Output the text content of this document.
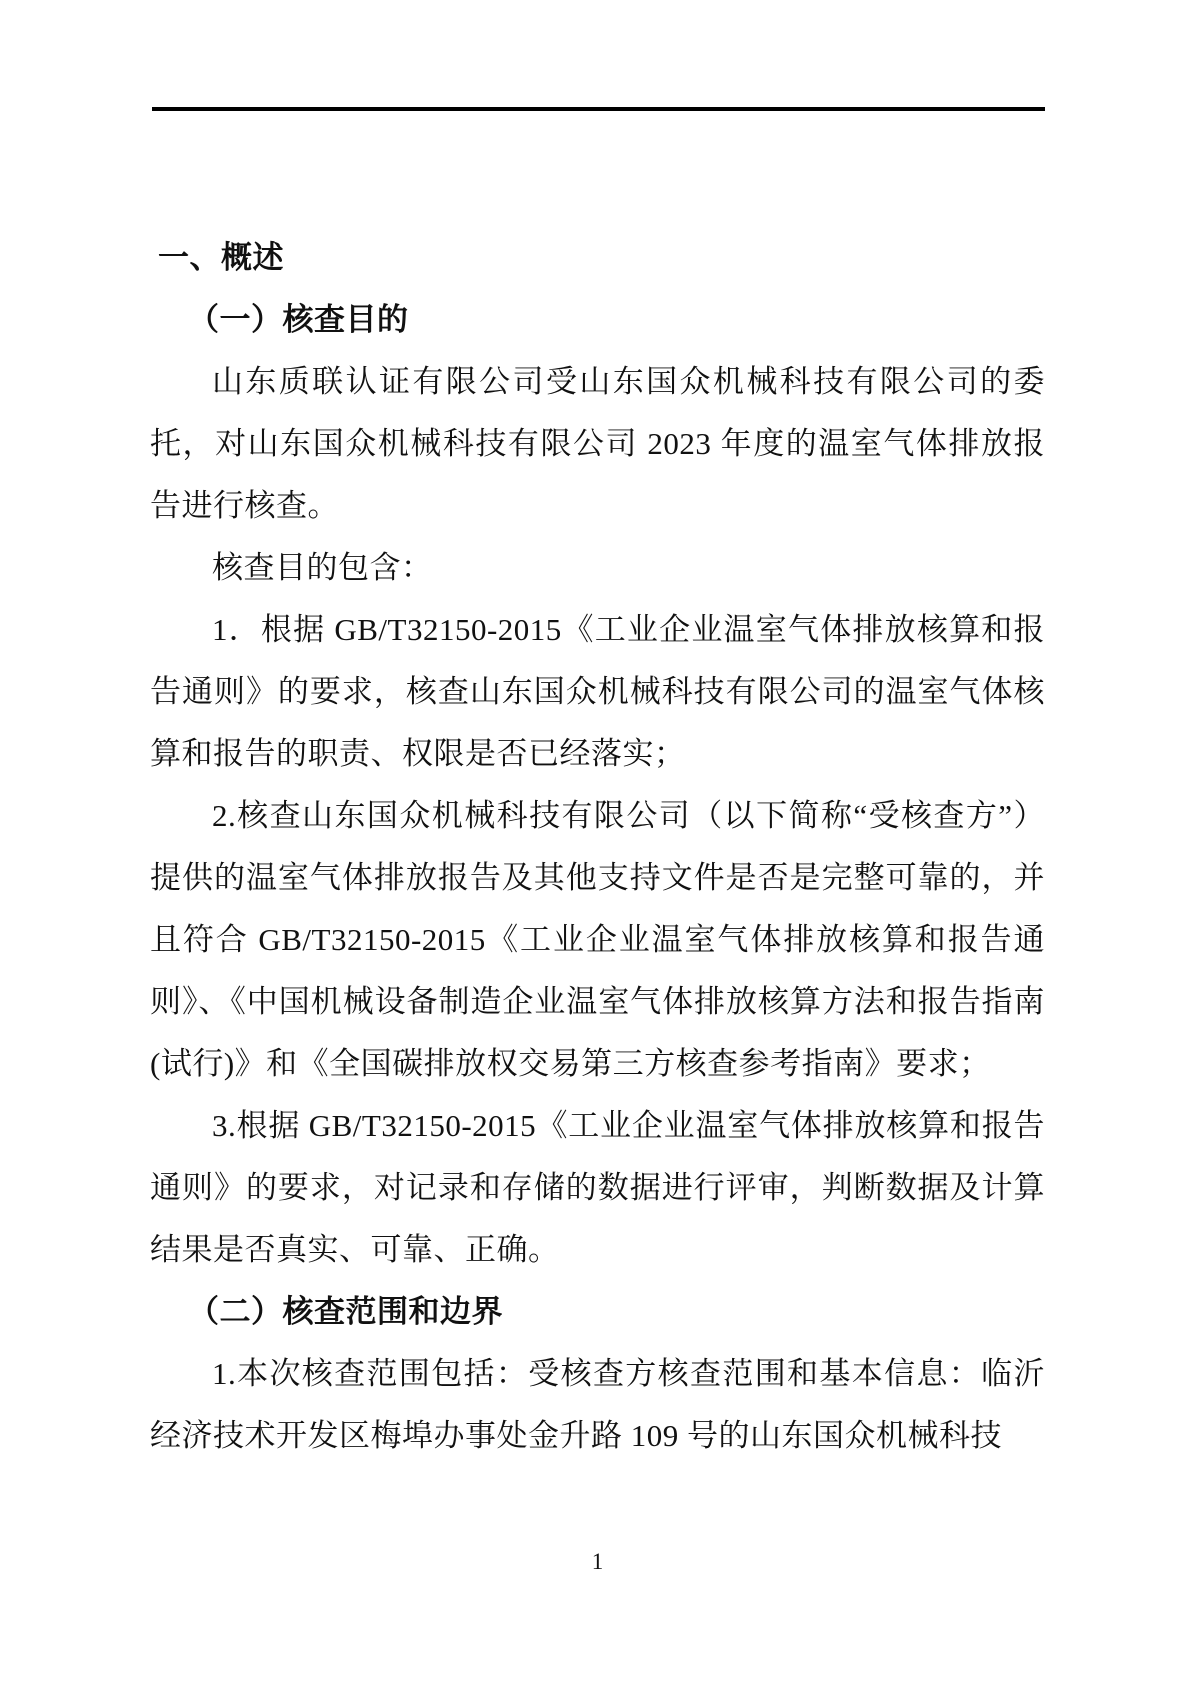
一、概述
（一）核查目的

山东质联认证有限公司受山东国众机械科技有限公司的委托，对山东国众机械科技有限公司 2023 年度的温室气体排放报告进行核查。

核查目的包含：

1．根据 GB/T32150-2015《工业企业温室气体排放核算和报告通则》的要求，核查山东国众机械科技有限公司的温室气体核算和报告的职责、权限是否已经落实；

2.核查山东国众机械科技有限公司（以下简称“受核查方”）提供的温室气体排放报告及其他支持文件是否是完整可靠的，并且符合 GB/T32150-2015《工业企业温室气体排放核算和报告通则》、《中国机械设备制造企业温室气体排放核算方法和报告指南(试行)》和《全国碳排放权交易第三方核查参考指南》要求；

3.根据 GB/T32150-2015《工业企业温室气体排放核算和报告通则》的要求，对记录和存储的数据进行评审，判断数据及计算结果是否真实、可靠、正确。

（二）核查范围和边界

1.本次核查范围包括：受核查方核查范围和基本信息：临沂经济技术开发区梅埠办事处金升路 109 号的山东国众机械科技

1
